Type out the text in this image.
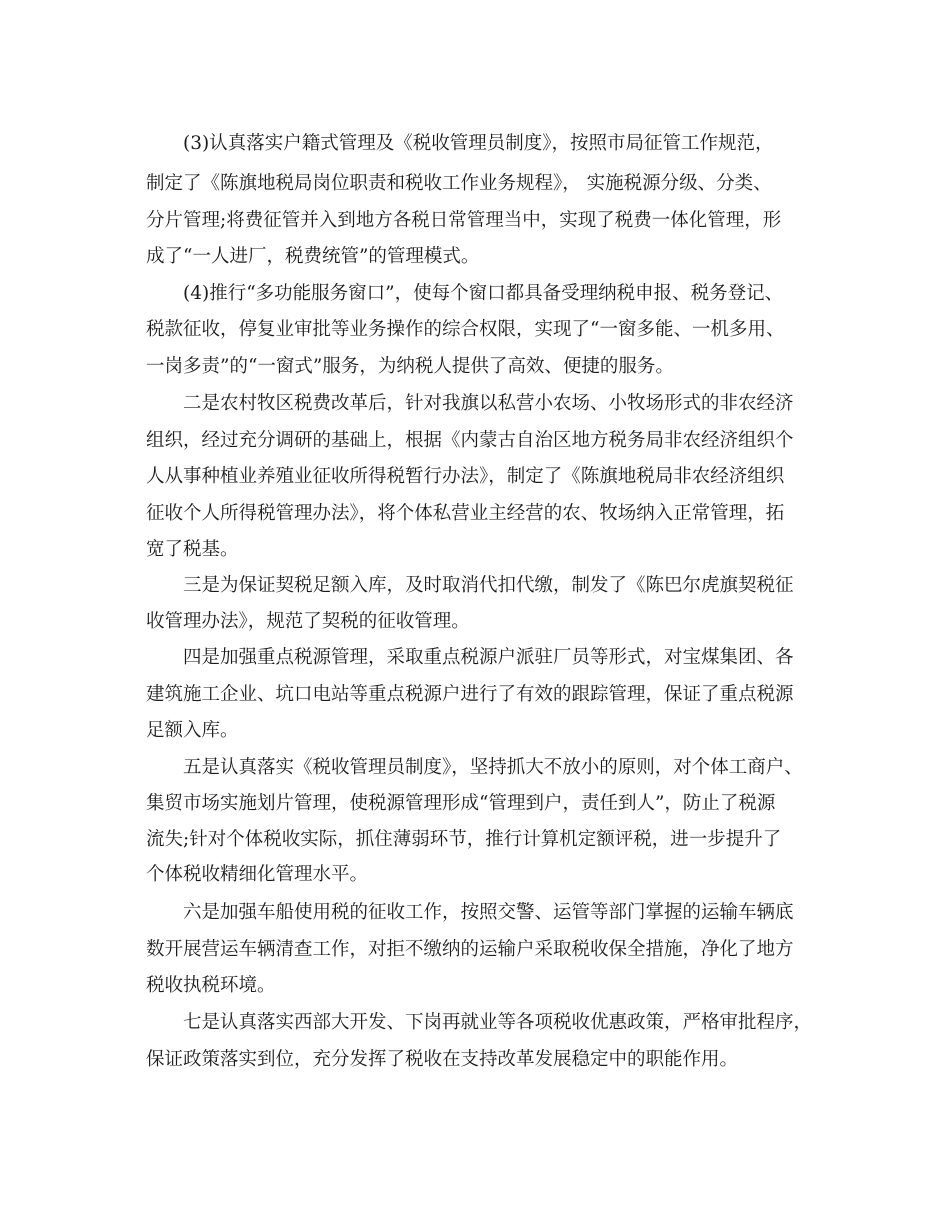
(3)认真落实户籍式管理及《税收管理员制度》，按照市局征管工作规范，
制定了《陈旗地税局岗位职责和税收工作业务规程》， 实施税源分级、分类、
分片管理;将费征管并入到地方各税日常管理当中，实现了税费一体化管理，形
成了“一人进厂，税费统管”的管理模式。
(4)推行“多功能服务窗口”，使每个窗口都具备受理纳税申报、税务登记、
税款征收，停复业审批等业务操作的综合权限，实现了“一窗多能、一机多用、
一岗多责”的“一窗式”服务，为纳税人提供了高效、便捷的服务。
二是农村牧区税费改革后，针对我旗以私营小农场、小牧场形式的非农经济
组织，经过充分调研的基础上，根据《内蒙古自治区地方税务局非农经济组织个
人从事种植业养殖业征收所得税暂行办法》，制定了《陈旗地税局非农经济组织
征收个人所得税管理办法》，将个体私营业主经营的农、牧场纳入正常管理，拓
宽了税基。
三是为保证契税足额入库，及时取消代扣代缴，制发了《陈巴尔虎旗契税征
收管理办法》，规范了契税的征收管理。
四是加强重点税源管理，采取重点税源户派驻厂员等形式，对宝煤集团、各
建筑施工企业、坑口电站等重点税源户进行了有效的跟踪管理，保证了重点税源
足额入库。
五是认真落实《税收管理员制度》，坚持抓大不放小的原则，对个体工商户、
集贸市场实施划片管理，使税源管理形成“管理到户，责任到人”，防止了税源
流失;针对个体税收实际，抓住薄弱环节，推行计算机定额评税，进一步提升了
个体税收精细化管理水平。
六是加强车船使用税的征收工作，按照交警、运管等部门掌握的运输车辆底
数开展营运车辆清查工作，对拒不缴纳的运输户采取税收保全措施，净化了地方
税收执税环境。
七是认真落实西部大开发、下岗再就业等各项税收优惠政策，严格审批程序，
保证政策落实到位，充分发挥了税收在支持改革发展稳定中的职能作用。
